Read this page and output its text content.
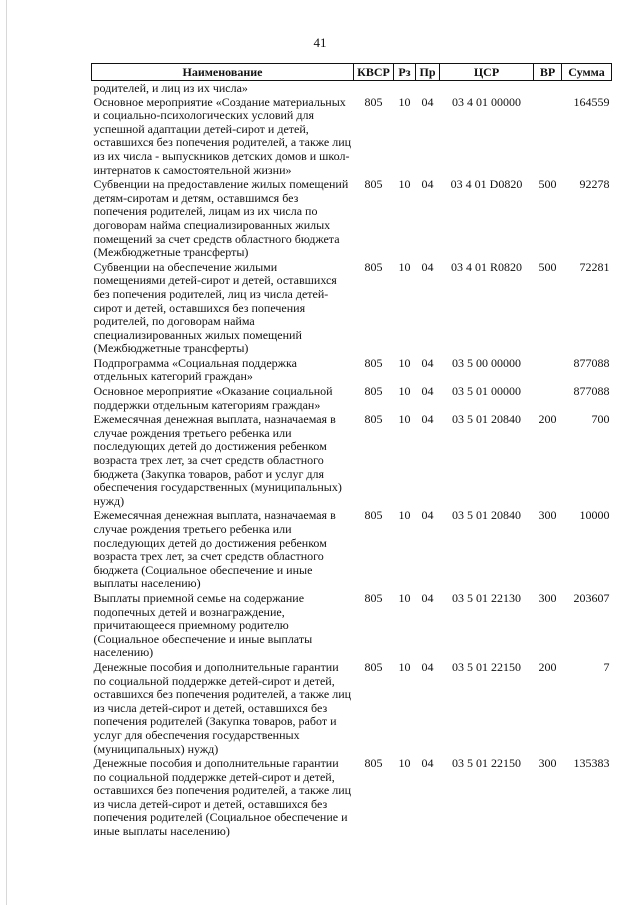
41
Наименование	КВСР	Рз	Пр	ЦСР	ВР	Сумма
родителей, и лиц из их числа»						
Основное мероприятие «Создание материальных и социально-психологических условий для успешной адаптации детей-сирот и детей, оставшихся без попечения родителей, а также лиц из их числа - выпускников детских домов и школ-интернатов к самостоятельной жизни»	805	10	04	03 4 01 00000		164559
Субвенции на предоставление жилых помещений детям-сиротам и детям, оставшимся без попечения родителей, лицам из их числа по договорам найма специализированных жилых помещений за счет средств областного бюджета (Межбюджетные трансферты)	805	10	04	03 4 01 D0820	500	92278
Субвенции на обеспечение жилыми помещениями детей-сирот и детей, оставшихся без попечения родителей, лиц из числа детей-сирот и детей, оставшихся без попечения родителей, по договорам найма специализированных жилых помещений (Межбюджетные трансферты)	805	10	04	03 4 01 R0820	500	72281
Подпрограмма «Социальная поддержка отдельных категорий граждан»	805	10	04	03 5 00 00000		877088
Основное мероприятие «Оказание социальной поддержки отдельным категориям граждан»	805	10	04	03 5 01 00000		877088
Ежемесячная денежная выплата, назначаемая в случае рождения третьего ребенка или последующих детей до достижения ребенком возраста трех лет, за счет средств областного бюджета (Закупка товаров, работ и услуг для обеспечения государственных (муниципальных) нужд)	805	10	04	03 5 01 20840	200	700
Ежемесячная денежная выплата, назначаемая в случае рождения третьего ребенка или последующих детей до достижения ребенком возраста трех лет, за счет средств областного бюджета (Социальное обеспечение и иные выплаты населению)	805	10	04	03 5 01 20840	300	10000
Выплаты приемной семье на содержание подопечных детей и вознаграждение, причитающееся приемному родителю (Социальное обеспечение и иные выплаты населению)	805	10	04	03 5 01 22130	300	203607
Денежные пособия и дополнительные гарантии по социальной поддержке детей-сирот и детей, оставшихся без попечения родителей, а также лиц из числа детей-сирот и детей, оставшихся без попечения родителей (Закупка товаров, работ и услуг для обеспечения государственных (муниципальных) нужд)	805	10	04	03 5 01 22150	200	7
Денежные пособия и дополнительные гарантии по социальной поддержке детей-сирот и детей, оставшихся без попечения родителей, а также лиц из числа детей-сирот и детей, оставшихся без попечения родителей (Социальное обеспечение и иные выплаты населению)	805	10	04	03 5 01 22150	300	135383
